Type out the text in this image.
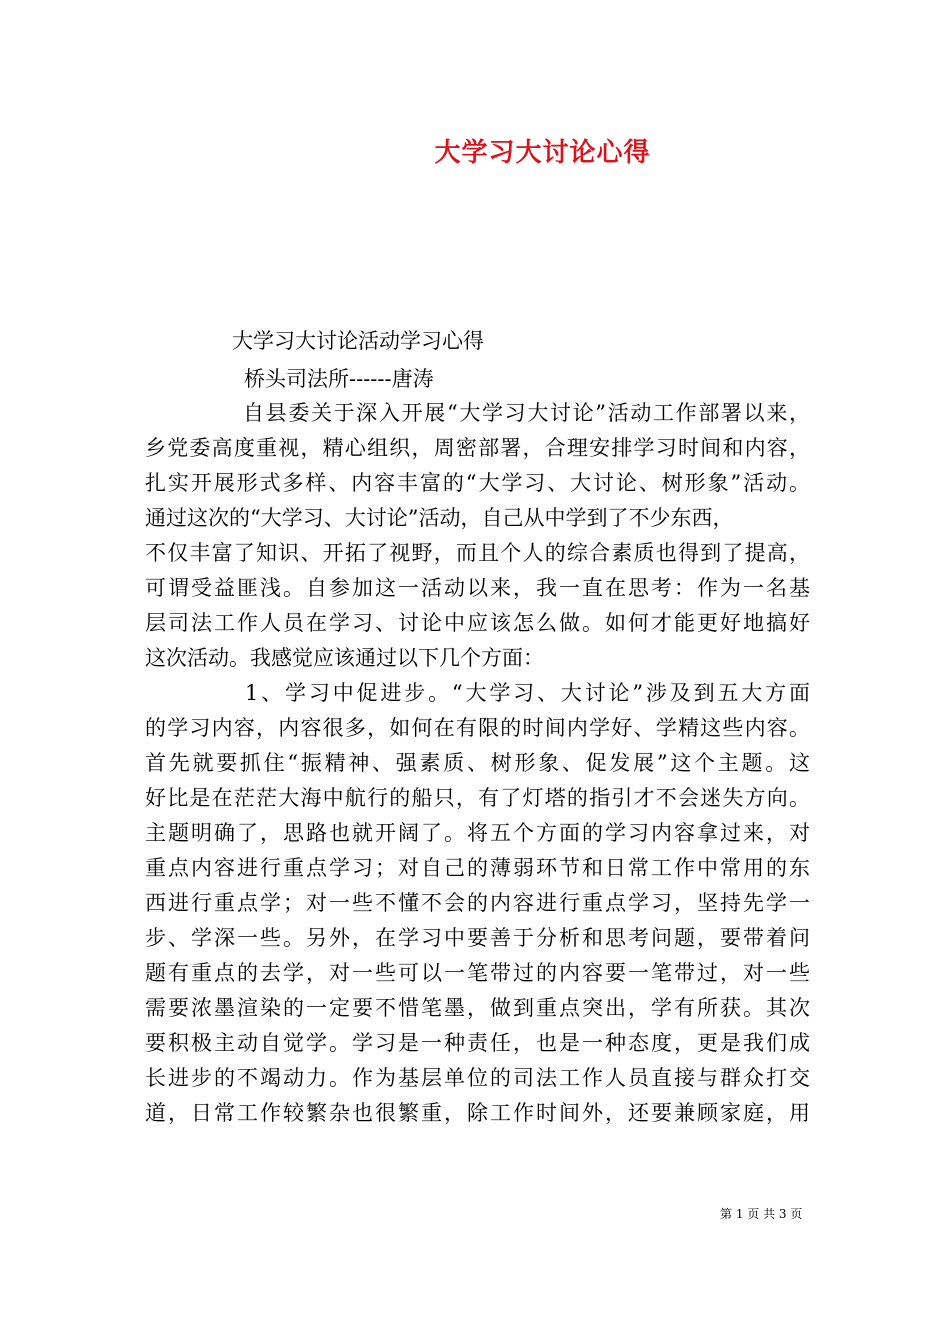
大学习大讨论心得

大学习大讨论活动学习心得

桥头司法所------唐涛

自县委关于深入开展“大学习大讨论”活动工作部署以来，
乡党委高度重视，精心组织，周密部署，合理安排学习时间和内容，
扎实开展形式多样、内容丰富的“大学习、大讨论、树形象”活动。
通过这次的“大学习、大讨论”活动，自己从中学到了不少东西，
不仅丰富了知识、开拓了视野，而且个人的综合素质也得到了提高，
可谓受益匪浅。自参加这一活动以来，我一直在思考：作为一名基
层司法工作人员在学习、讨论中应该怎么做。如何才能更好地搞好
这次活动。我感觉应该通过以下几个方面：
1、学习中促进步。“大学习、大讨论”涉及到五大方面
的学习内容，内容很多，如何在有限的时间内学好、学精这些内容。
首先就要抓住“振精神、强素质、树形象、促发展”这个主题。这
好比是在茫茫大海中航行的船只，有了灯塔的指引才不会迷失方向。
主题明确了，思路也就开阔了。将五个方面的学习内容拿过来，对
重点内容进行重点学习；对自己的薄弱环节和日常工作中常用的东
西进行重点学；对一些不懂不会的内容进行重点学习，坚持先学一
步、学深一些。另外，在学习中要善于分析和思考问题，要带着问
题有重点的去学，对一些可以一笔带过的内容要一笔带过，对一些
需要浓墨渲染的一定要不惜笔墨，做到重点突出，学有所获。其次
要积极主动自觉学。学习是一种责任，也是一种态度，更是我们成
长进步的不竭动力。作为基层单位的司法工作人员直接与群众打交
道，日常工作较繁杂也很繁重，除工作时间外，还要兼顾家庭，用

第 1 页 共 3 页
